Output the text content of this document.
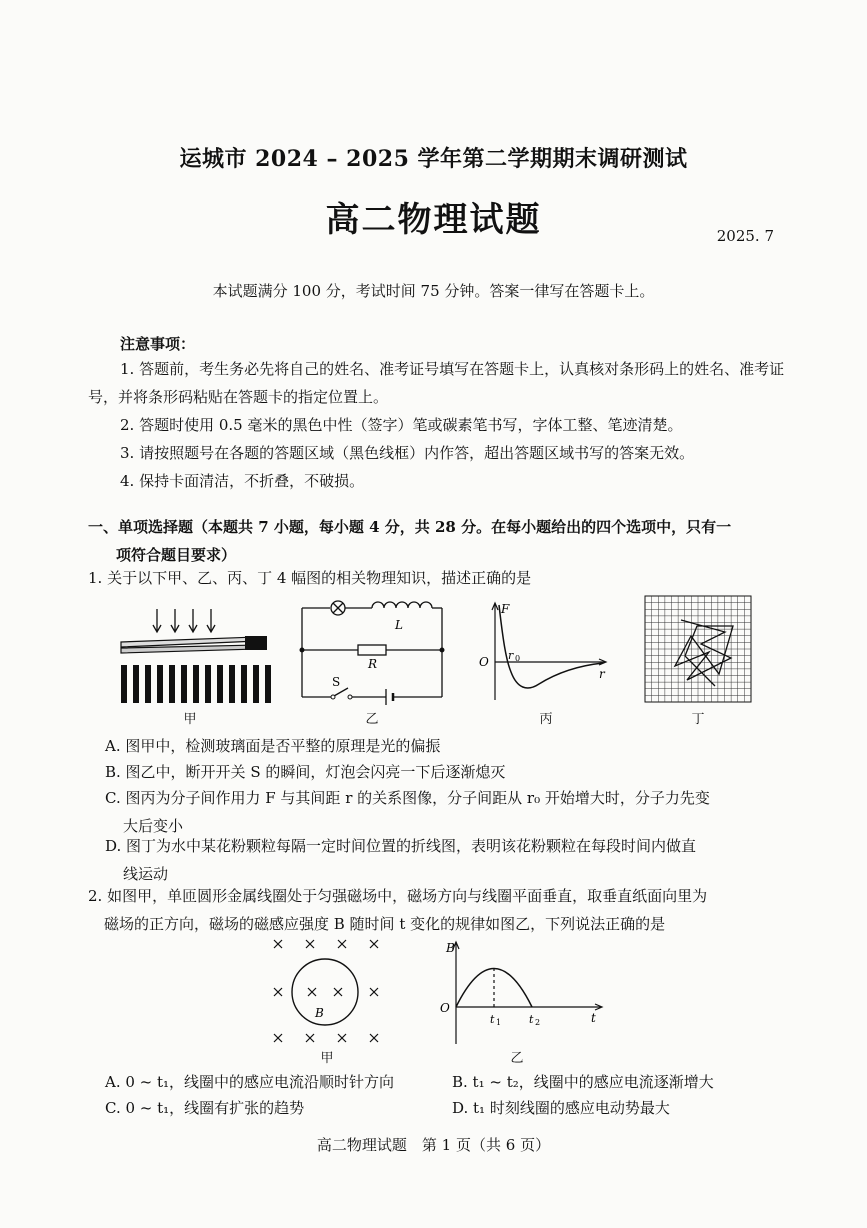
运城市 2024 – 2025 学年第二学期期末调研测试
高二物理试题	2025. 7
本试题满分 100 分，考试时间 75 分钟。答案一律写在答题卡上。
注意事项：
1. 答题前，考生务必先将自己的姓名、准考证号填写在答题卡上，认真核对条形码上的姓名、准考证号，并将条形码粘贴在答题卡的指定位置上。
2. 答题时使用 0.5 毫米的黑色中性（签字）笔或碳素笔书写，字体工整、笔迹清楚。
3. 请按照题号在各题的答题区域（黑色线框）内作答，超出答题区域书写的答案无效。
4. 保持卡面清洁，不折叠，不破损。
一、单项选择题（本题共 7 小题，每小题 4 分，共 28 分。在每小题给出的四个选项中，只有一
项符合题目要求）
1. 关于以下甲、乙、丙、丁 4 幅图的相关物理知识，描述正确的是
L
R
S
F
O r 0
r
甲	乙	丙	丁
A. 图甲中，检测玻璃面是否平整的原理是光的偏振
B. 图乙中，断开开关 S 的瞬间，灯泡会闪亮一下后逐渐熄灭
C. 图丙为分子间作用力 F 与其间距 r 的关系图像，分子间距从 r₀ 开始增大时，分子力先变
大后变小
D. 图丁为水中某花粉颗粒每隔一定时间位置的折线图，表明该花粉颗粒在每段时间内做直
线运动
2. 如图甲，单匝圆形金属线圈处于匀强磁场中，磁场方向与线圈平面垂直，取垂直纸面向里为
磁场的正方向，磁场的磁感应强度 B 随时间 t 变化的规律如图乙，下列说法正确的是
B
B
O
t 1	t 2	t
甲	乙
A. 0 ~ t₁，线圈中的感应电流沿顺时针方向	B. t₁ ~ t₂，线圈中的感应电流逐渐增大
C. 0 ~ t₁，线圈有扩张的趋势	D. t₁ 时刻线圈的感应电动势最大
高二物理试题　第 1 页（共 6 页）
